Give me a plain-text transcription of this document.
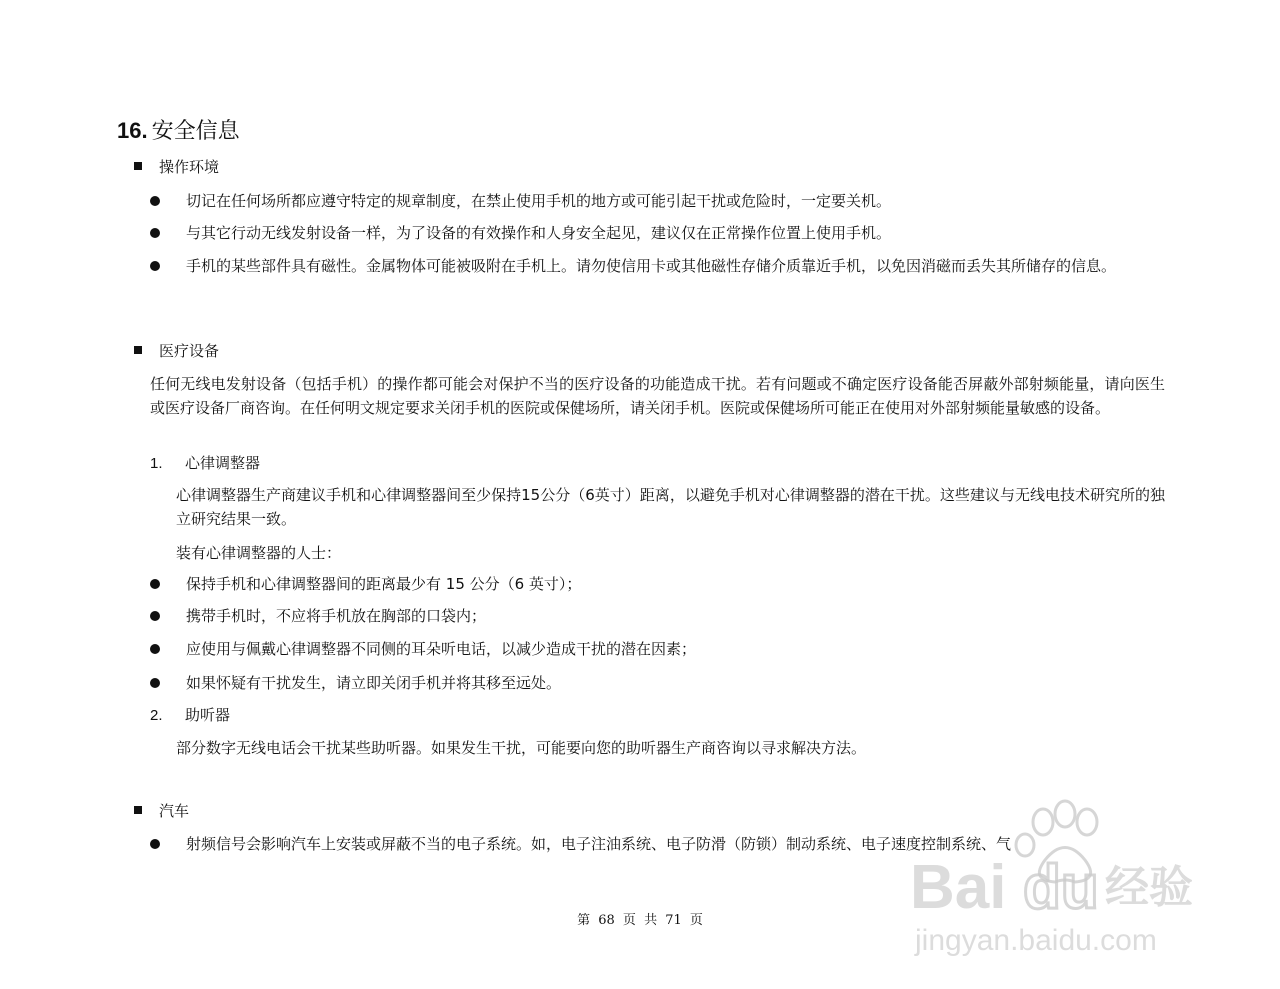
16. 安全信息
操作环境
切记在任何场所都应遵守特定的规章制度，在禁止使用手机的地方或可能引起干扰或危险时，一定要关机。
与其它行动无线发射设备一样，为了设备的有效操作和人身安全起见，建议仅在正常操作位置上使用手机。
手机的某些部件具有磁性。金属物体可能被吸附在手机上。请勿使信用卡或其他磁性存储介质靠近手机，以免因消磁而丢失其所储存的信息。
医疗设备
任何无线电发射设备（包括手机）的操作都可能会对保护不当的医疗设备的功能造成干扰。若有问题或不确定医疗设备能否屏蔽外部射频能量，请向医生或医疗设备厂商咨询。在任何明文规定要求关闭手机的医院或保健场所，请关闭手机。医院或保健场所可能正在使用对外部射频能量敏感的设备。
1. 心律调整器
心律调整器生产商建议手机和心律调整器间至少保持15公分（6英寸）距离，以避免手机对心律调整器的潜在干扰。这些建议与无线电技术研究所的独立研究结果一致。
装有心律调整器的人士：
保持手机和心律调整器间的距离最少有 15 公分（6 英寸）；
携带手机时，不应将手机放在胸部的口袋内；
应使用与佩戴心律调整器不同侧的耳朵听电话，以减少造成干扰的潜在因素；
如果怀疑有干扰发生，请立即关闭手机并将其移至远处。
2. 助听器
部分数字无线电话会干扰某些助听器。如果发生干扰，可能要向您的助听器生产商咨询以寻求解决方法。
汽车
射频信号会影响汽车上安装或屏蔽不当的电子系统。如，电子注油系统、电子防滑（防锁）制动系统、电子速度控制系统、气
第 68 页 共 71 页	Bai du 经验
jingyan.baidu.com
